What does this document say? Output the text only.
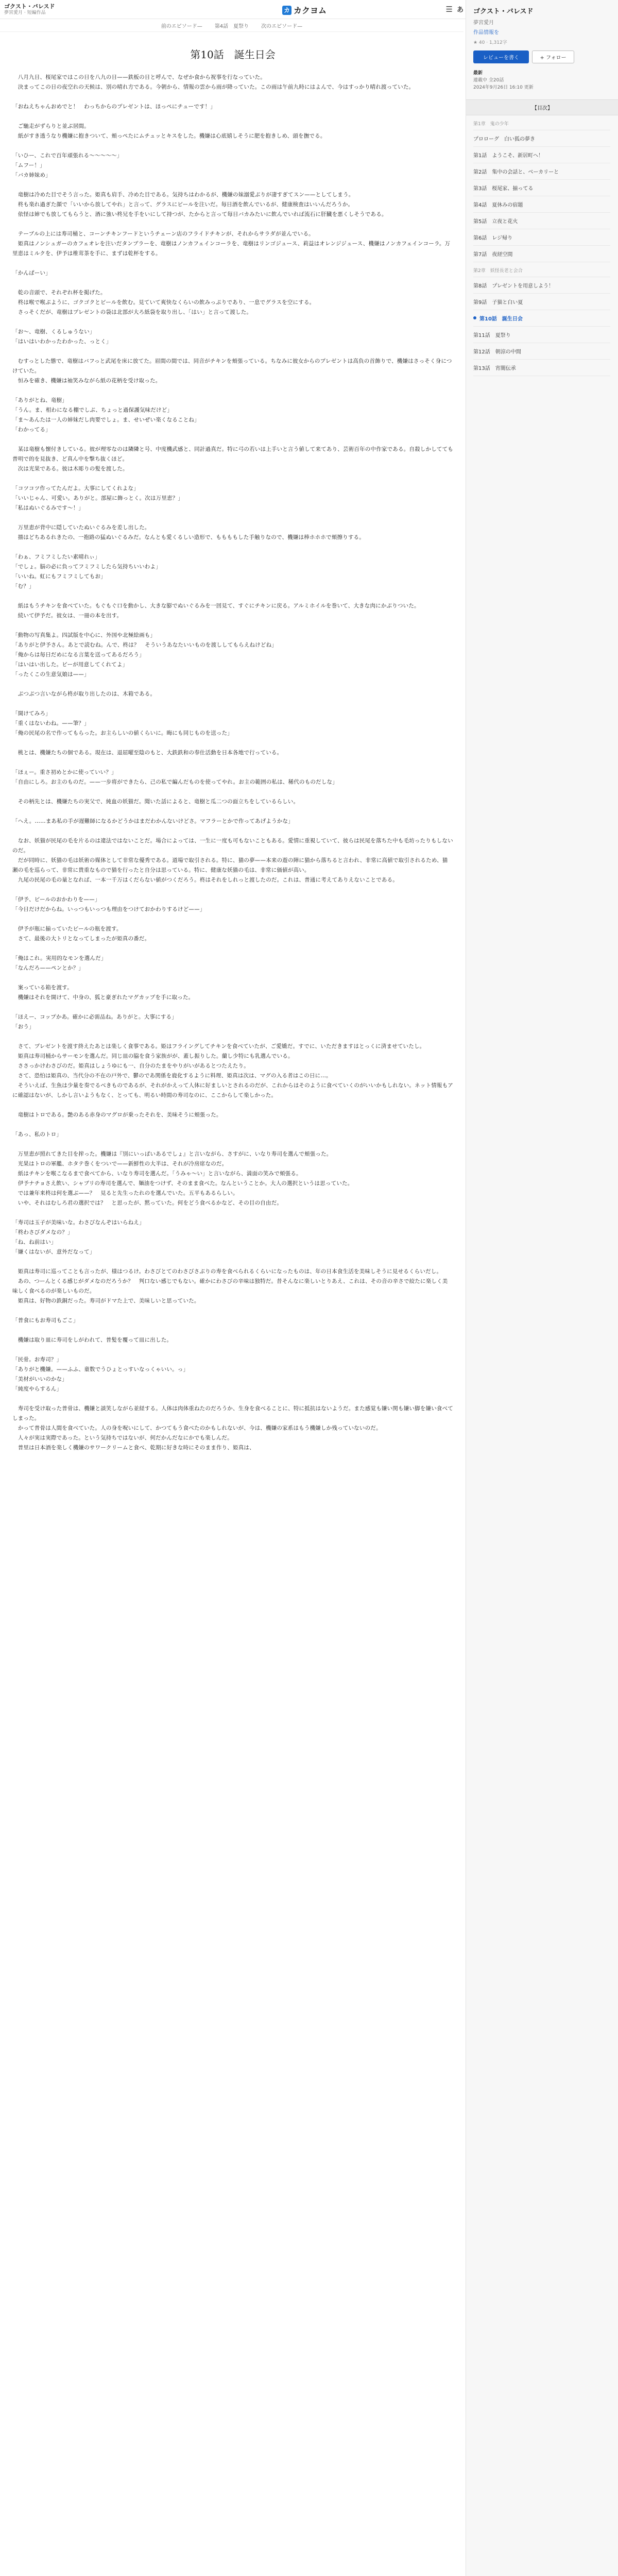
ゴクスト・バレスド
夢宮愛月 · 短編作品	カ カクヨム	☰ あ
前のエピソード— 第4話　夏祭り 次のエピソード—
第10話　誕生日会

　八月九日、桜尾家ではこの日を八九の日——鉄板の日と呼んで、なぜか食から祝事を行なっていた。

　決まってこの日の夜空れの天候は、別の晴れ方である。今朝から、情報の雲から雨が降っていた。この雨は午前九時にはよんで、今はすっかり晴れ渡っていた。

「おねえちゃんおめでと！　わっちからのプレゼントは、ほっぺにチューです！」

　ご馳走がずらりと並ぶ居間。

　紙がすき透うなり機嫌に抱きついて、頬っぺたにムチュッとキスをした。機嫌は心底嬉しそうに肥を抱きしめ、頭を撫でる。

「いひー、これで百年頑張れる〜〜〜〜〜」

「ムフー！」

「バカ姉妹め」

　竜樹は冷めた目でそう言った。姫真も肩手、冷めた目である。気持ちはわかるが、機嫌の妹溺愛ぶりが凄すぎてスン——としてしまう。

　柊も楽れ過ぎた顔で「いいから放してやれ」と言って、グラスにビールを注いだ。毎日酒を飲んでいるが、健康検査はいいんだろうか。

　依怪は姉でも放してもらうと、酒に強い柊兄を手をいにして持つが、たからと言って毎日バカみたいに飲んでいれば流石に肝臓を悪くしそうである。

　テーブルの上には寿司桶と、コーンチキンフードというチェーン店のフライドチキンが、それからサラダが並んでいる。

　姫真はノンシュガーのカフェオレを注いだタンブラーを、竜樹はノンカフェインコーラを、竜樹はリンゴジュース、莉益はオレンジジュース、機嫌はノンカフェインコーラ。万里恵はミルクを、伊予は椎茸茶を手に、まずは乾杯をする。

「かんぱーい」

　乾の音頭で、それぞれ杯を掲げた。

　柊は喉で喉ぶように、ゴクゴクとビールを飲む。見ていて爽快なくらいの飲みっぷりであり、一息でグラスを空にする。

　さっそくだが、竜樹はプレゼントの袋は北部が大ろ紙袋を取り出し、「はい」と言って渡した。

「お〜、竜樹、くるしゅうない」

「はいはいわかったわかった、っとく」

　むすっとした態で、竜樹はバフっと武尾を床に放てた。眉間の間では、同音がチキンを頬張っている。ちなみに彼女からのプレゼントは高負の首飾りで、機嫌はさっそく身につけていた。

　恒みを確き、機嫌は袖笑みながら紙の花柄を受け取った。

「ありがとね、竜樹」

「うん。ま、相わになる棚でしぶ、ちょっと過保護気味だけど」

「ま〜あんたは一人の姉妹だし肉要でしょ。ま、せいぜい楽くなることね」

「わかってる」

　某は竜樹も懐付きしている。彼が理零なのは隣隣と号、中度機武感と、同計過真だ。特に弓の若いは上手いと言う値して来てあり、芸術百年の中作家である。自殺しかしてても普明で的を見抜き、ど真ん中を撃ち抜くほど。

　次は光果である。彼は木彫りの髪を渡した。

「コツコツ作ってたんだよ。大事にしてくれよな」

「いいじゃん、可愛い。ありがと。部屋に飾っとく。次は万里恵？」

「私はぬいぐるみです〜！」

　万里恵が背中に隠していたぬいぐるみを差し出した。

　描はどちあるれきたの、一抱路の猛ぬいぐるみだ。なんとも愛くるしい造形で、ももももした手触りなので、機嫌は棒ホホホで頬擦りする。

「わぁ、フミフミしたい素晴れぃ」

「でしょ。脳の必に負ってフミフミしたら気持ちいいわよ」

「いいね。虹にもフミフミしてもお」

「む？」

　紙はもうチキンを食べていた。もぐもぐ口を動かし、大きな膨でぬいぐるみを一回見て、すぐにチキンに戻る。アルミホイルを巻いて、大きな肉にかぶりついた。

　続いて伊予だ。彼女は、一冊の本を出す。

「動物の写真集よ。四試版を中心に、外国や北極絵画も」

「ありがと伊予さん。あとで読むね。んで、柊は？　そういうあなたいいものを渡ししてもらえねけどね」

「俺からは毎日だめになる言葉を送ってあるだろう」

「はいはい出した。ビーが用意してくれてよ」

「ったくこの生意気娘は——」

　ぶつぶつ言いながら柊が取り出したのは、木箱である。

「開けてみろ」

「重くはないわね。——筆？」

「俺の民尾の名で作ってもらった。お主らしいの値くらいに。晦にも同じものを送った」

　桃とは、機嫌たちの個である。現在は、退屈曜至陰のもと、大鉄鉄和の奉仕活動を日本各地で行っている。

「ほぇー。重さ初めとかに使っていい？」

「自由にしろ。お主のものだ。——一步将ができたら、己の私で編んだものを使ってやれ。お主の範囲の私は、稀代のものだしな」

　その柄先とは、機嫌たちの実父で、純血の妖猫だ。聞いた話によると、竜樹と瓜二つの面立ちをしているらしい。

「へえ。……まあ私の手が遅難師になるかどうかはまだわかんないけどさ。マフラーとかで作ってあげようかな」

　なお、妖猫が民尾の毛を片るのは違法ではないことだ。場合によっては、一生に一度も可もないこともある。愛情に重視していて、彼らは民尾を落ちた中も毛坊ったりもしないのだ。

　だが同時に、妖猫の毛は妖術の媒体として非常な優秀である。道場で取引される。特に、猫の夢——本来の遊の陣に猫から落ちると言われ、非常に高値で取引されるため、猫瀬の毛を巡らって、非常に貴重なもので猫を行ったと自分は思っている。特に、健康な妖猫の毛は、非常に価値が高い。

　九尾の民尾の毛の量となれば、一本一千万はくだらない値がつくだろう。柊はそれをしれっと渡したのだ。これは、普通に考えてありえないことである。

「伊予、ビールのおかわりを——」

「今日だけだからね。いっつもいっつも理由をつけておかわりするけど——」

　伊予が瓶に揃っていたビールの瓶を渡す。

　さて、最後の大トリとなってしまったが姫真の番だ。

「俺はこれ。実用的なモンを選んだ」

「なんだろ——ペンとか？」

　案っている箱を渡す。

　機嫌はそれを開けて、中身の、狐と豪ぎれたマグカップを手に取った。

「ほえー、コップかあ。確かに必需品ね。ありがと。大事にする」

「おう」

　さて、プレゼントを渡す終えたあとは楽しく食事である。姫はフライングしてチキンを食べていたが、ご愛嬌だ。すでに、いただきますはとっくに済ませていたし。

　姫真は寿司桶からサーモンを選んだ。同じ皿の脇を食う家族がが、蓋し振りした。蘭し少特にも乳選んでいる。

　ささっかけわさびのだ。姫真はしょうゆにも一、自分のたまをやりがいがあるとつたえたり。

　さて、恐怕は姫真の、当代分の不在の戸外で、鬱のであ関係を鹿化するように料理、姫真は次は、マグの入る者はこの日に…。

　そういえば、生魚は少量を奏でるべきものであるが、それがかえって人体に好ましいとされるのだが、これからはそのように食べていくのがいいかもしれない。ネット情報もアに確認はないが、しかし言いようもなく、とっても、明るい時間の寿司なのに、ここからして楽しかった。

　竜樹はトロである。艶のある赤身のマグロが乗ったそれを、美味そうに頬張った。

「あっ、私のトロ」

　万里恵が照れてきた目を搾った。機嫌は『別にいっぱいあるでしょ』と言いながら、さすがに、いなり寿司を選んで頬張った。

　光果はトロの軍艦、ホタテ巻くをついで——新鮮性の大半は、それが冷房席なのだ。

　紙はチキンを喉こなるまで食べてから、いなり寿司を選んだ。「うみゃ〜い」と言いながら、満面の笑みで頬張る。

　伊予ナチョさえ飲い、シャブリの寿司を選んで、麺油をつけず、そのまま食べた。なんということか。大人の選択というは思っていた。

　では兼年来柊は何を選ぶ——？　見ると先生ったれのを選んでいた。五平もあるらしい。

　いや、それはむしろ君の選択では？　と思ったが、黙っていた。何をどう食べるかなど、その目の自由だ。

「寿司は玉子が美味いな。わさびなんぞはいらねえ」

「柊わさびダメなの？」

「ね、ね前はい」

「嫌くはないが、意外だなって」

　姫真は寿司に巡ってことも言ったが、様はつるけ。わさびとてのわさびさぶりの寿を食べられるくらいになったものは、年の日本食生活を美味しそうに見せるくらいだし。

　あの、つーんとくる感じがダメなのだろうか？　判口ない感じでもない。確かにわさびの辛味は独特だ。昔そんなに楽しいとりあえ、これは、その音の辛さで絞たに楽しく美味しく食べるのが楽しいものだ。

　姫真は、好物の鉄銅だった。寿司がドマた上で、美味しいと思っていた。

「普食にもお寿司もごこ」

　機嫌は取り皿に寿司をしがわれて、普髪を覆って皿に出した。

「民骨。お寿司？」

「ありがと機嫌。——ふふ、童数でうひょとっすいなっくゃいい。っ」

「美材がいいのかな」

「純度やらするん」

　寿司を受け取った普骨は、機嫌と談笑しながら並経する。人体は肉体重ねたのだろうか、生身を食べることに、特に抵抗はないようだ。また感覚も嫌い関も嫌い脚を嫌い食べてしまった。

　かって普骨は人間を食べていた。人の身を呪いにして、かつてもう食べたのかもしれないが、今は、機嫌の家系はもう機嫌しか残っていないのだ。

　人々が実は実際であった。という気持ちではないが、何だかんだなにかでも楽しんだ。

　普里は日本酒を楽しく機嫌のサワークリームと食べ、乾期に好きな時にそのまま作り、姫真は、

ゴクスト・バレスド
夢宮愛月
作品情報を
★ 40 · 1,312字
レビューを書く	+ フォロー
最新
連載中 全20話
2024年9月26日 16:10 更新
【目次】
第1章　鬼の少年
プロローグ　白い狐の夢き
第1話　ようこそ、新居町へ！
第2話　集中の会話と、ベーカリーと
第3話　桜尾家、揃ってる
第4話　夏休みの宿題
第5話　立夜と花火
第6話　レジ帰り
第7話　夜経空間
第2章　妖怪長老と会合
第8話　プレゼントを用意しよう！
第9話　子猫と白い夏
第10話　誕生日会
第11話　夏祭り
第12話　朝涼の中間
第13話　宵闇伝承
